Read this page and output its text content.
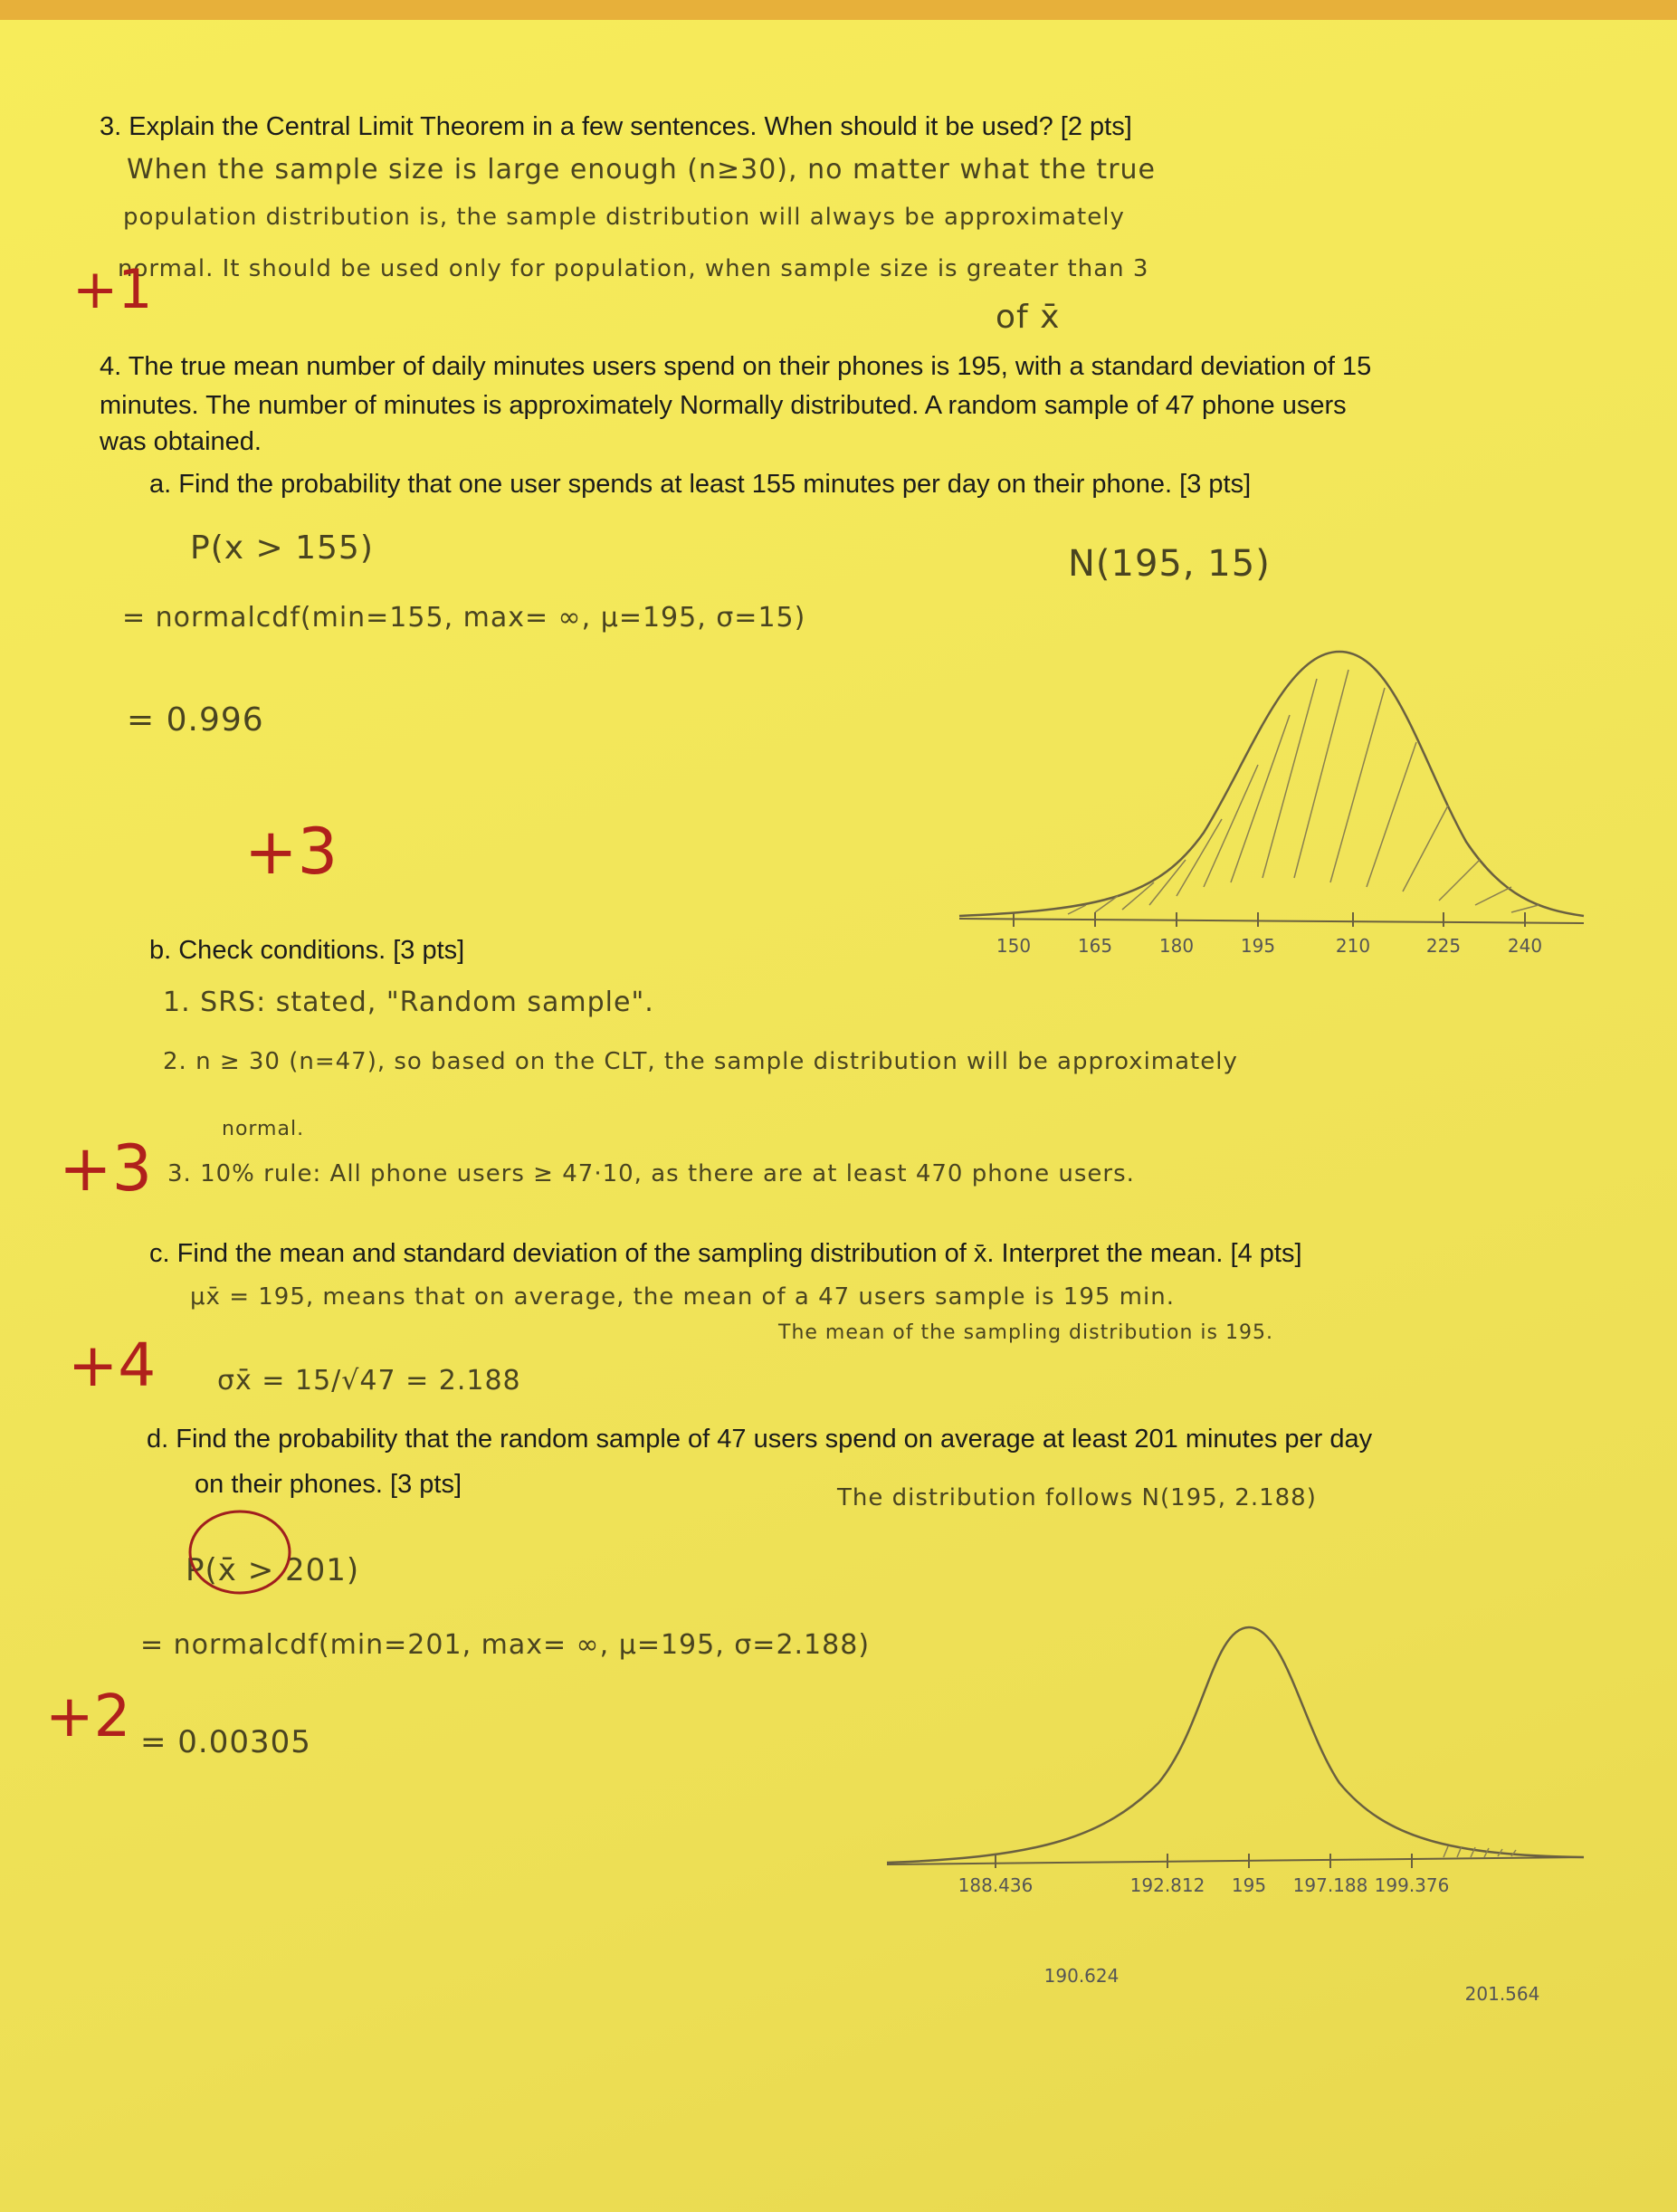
3. Explain the Central Limit Theorem in a few sentences. When should it be used? [2 pts]
When the sample size is large enough (n≥30), no matter what the true
population distribution is, the sample distribution will always be approximately
normal. It should be used only for population, when sample size is greater than 3
of x̄
+1
4. The true mean number of daily minutes users spend on their phones is 195, with a standard deviation of 15
minutes. The number of minutes is approximately Normally distributed. A random sample of 47 phone users
was obtained.
a. Find the probability that one user spends at least 155 minutes per day on their phone. [3 pts]
P(x > 155)	N(195, 15)
= normalcdf(min=155, max= ∞, μ=195, σ=15)
= 0.996
+3
150	165	180	195	210	225	240
b. Check conditions. [3 pts]
1. SRS: stated, "Random sample".
2. n ≥ 30 (n=47), so based on the CLT, the sample distribution will be approximately
normal.
3. 10% rule: All phone users ≥ 47·10, as there are at least 470 phone users.
+3
c. Find the mean and standard deviation of the sampling distribution of x̄. Interpret the mean. [4 pts]
μx̄ = 195, means that on average, the mean of a 47 users sample is 195 min.
The mean of the sampling distribution is 195.
σx̄ = 15/√47 = 2.188
+4
d. Find the probability that the random sample of 47 users spend on average at least 201 minutes per day
on their phones. [3 pts]	The distribution follows N(195, 2.188)
P(x̄ > 201)
= normalcdf(min=201, max= ∞, μ=195, σ=2.188)
= 0.00305
+2
188.436	192.812 195 197.188 199.376
190.624
201.564
